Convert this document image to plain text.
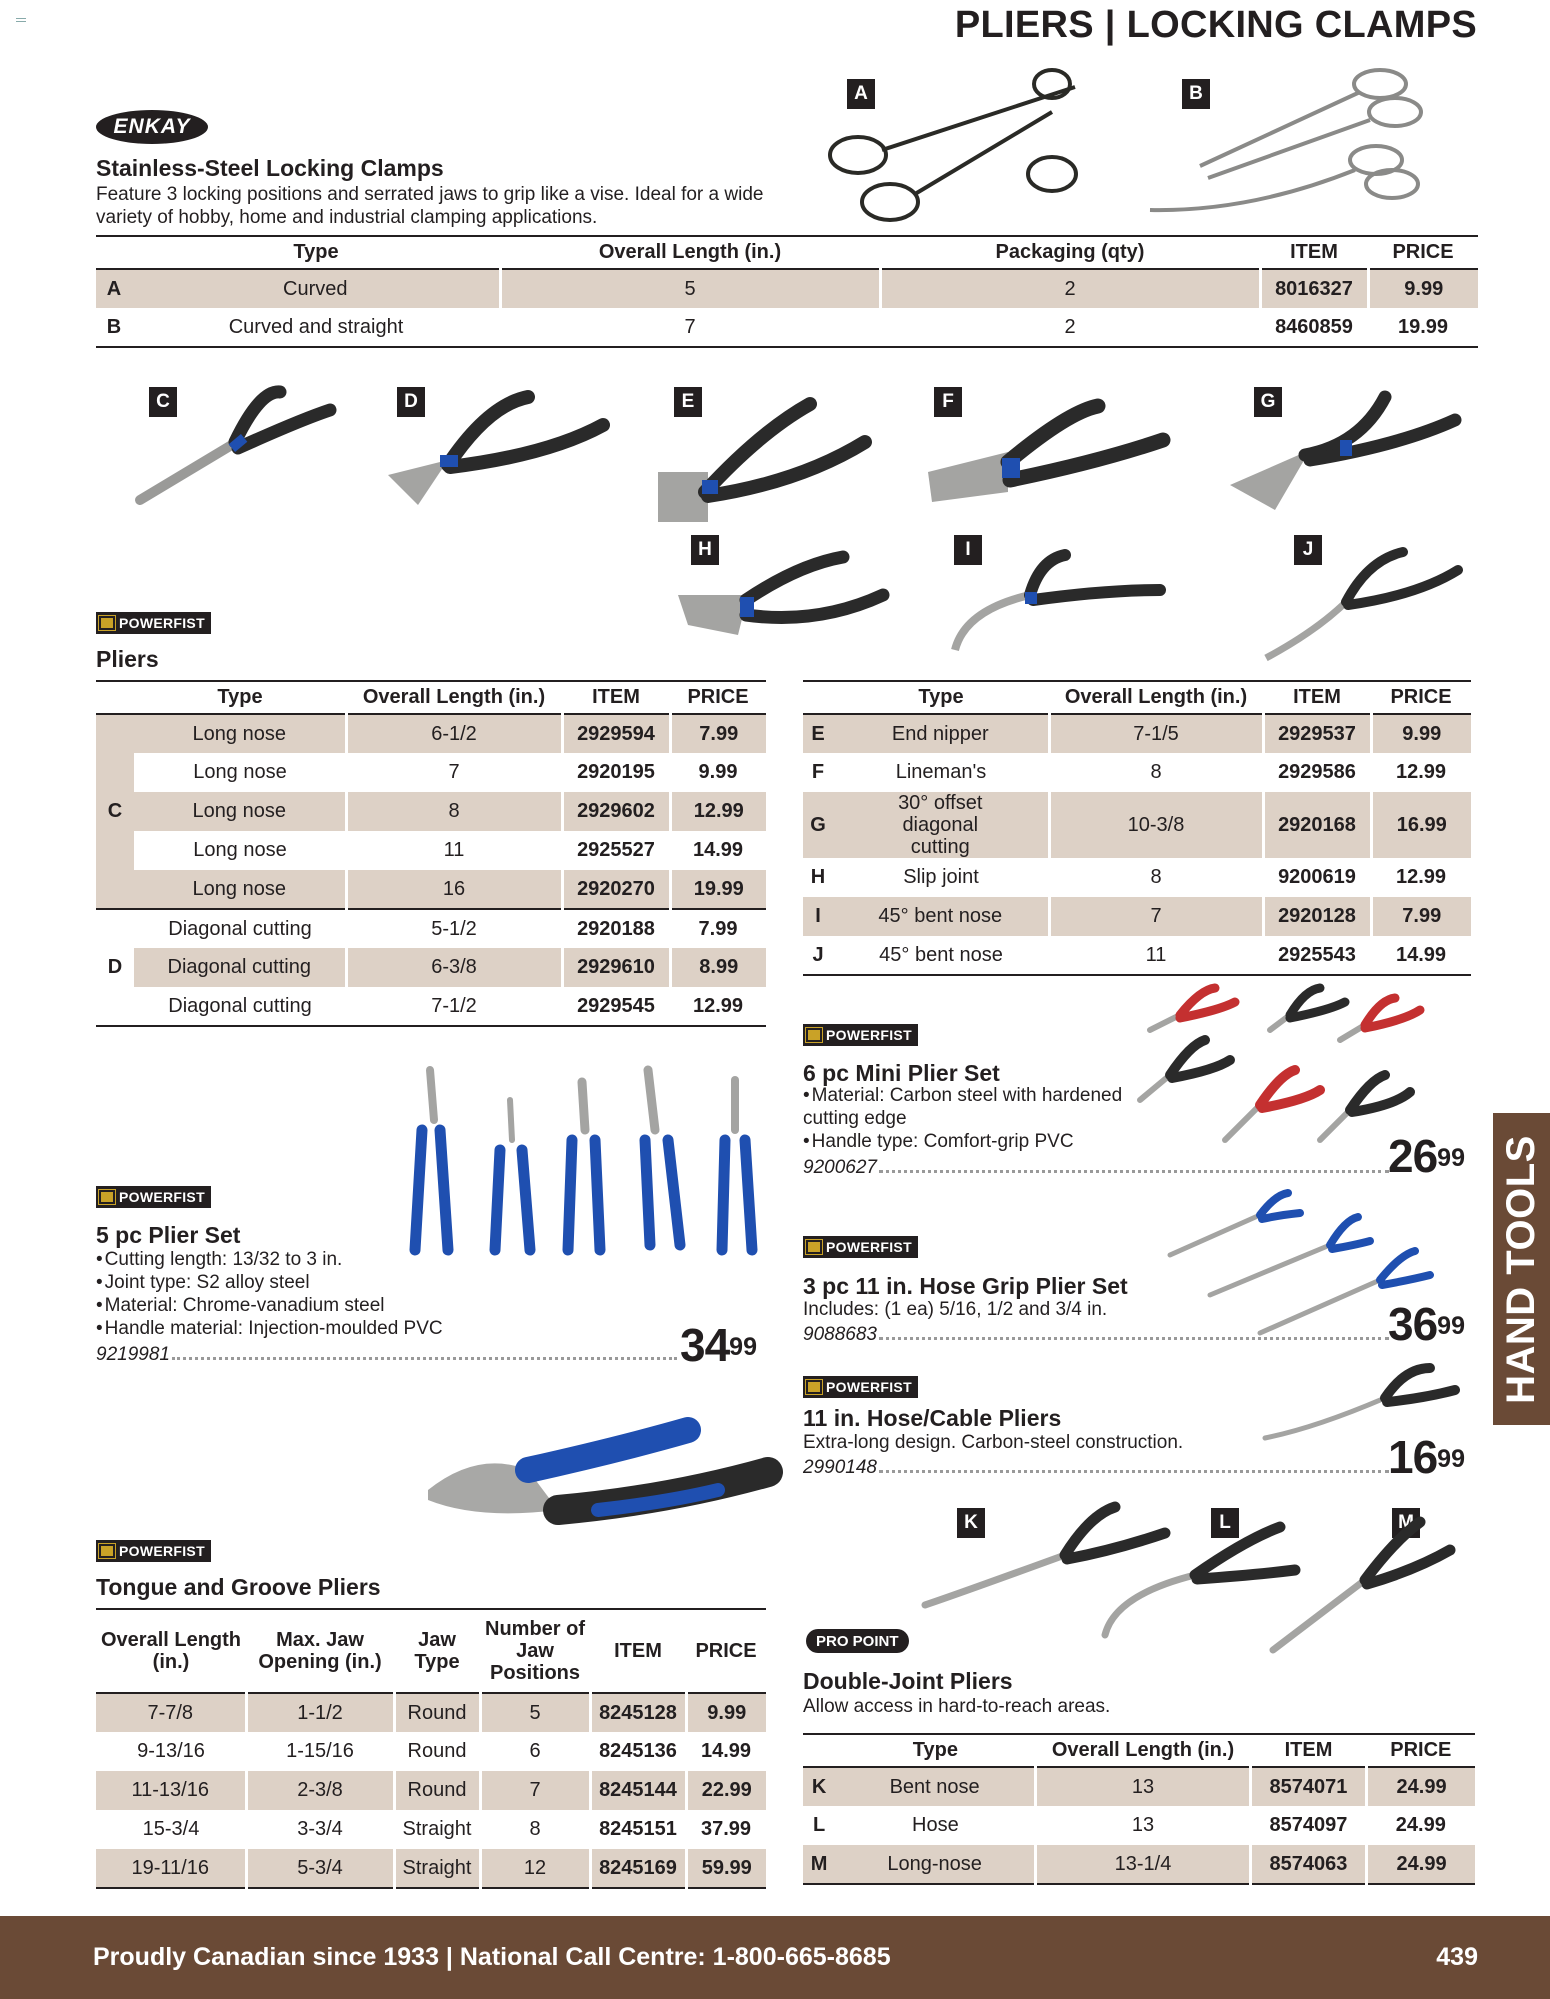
PLIERS | LOCKING CLAMPS
ENKAY
Stainless-Steel Locking Clamps
Feature 3 locking positions and serrated jaws to grip like a vise. Ideal for a wide variety of hobby, home and industrial clamping applications.
A	B
	Type	Overall Length (in.)	Packaging (qty)	ITEM	PRICE
A	Curved	5	2	8016327	9.99
B	Curved and straight	7	2	8460859	19.99
C	D	E	F	G
H	I	J
POWERFIST
Pliers
	Type	Overall Length (in.)	ITEM	PRICE
C	Long nose	6-1/2	2929594	7.99
	Long nose	7	2920195	9.99
	Long nose	8	2929602	12.99
	Long nose	11	2925527	14.99
	Long nose	16	2920270	19.99
D	Diagonal cutting	5-1/2	2920188	7.99
	Diagonal cutting	6-3/8	2929610	8.99
	Diagonal cutting	7-1/2	2929545	12.99
	Type	Overall Length (in.)	ITEM	PRICE
E	End nipper	7-1/5	2929537	9.99
F	Lineman's	8	2929586	12.99
G	30° offset diagonal cutting	10-3/8	2920168	16.99
H	Slip joint	8	9200619	12.99
I	45° bent nose	7	2920128	7.99
J	45° bent nose	11	2925543	14.99
POWERFIST
5 pc Plier Set
• Cutting length: 13/32 to 3 in.
• Joint type: S2 alloy steel
• Material: Chrome-vanadium steel
• Handle material: Injection-moulded PVC
9219981	$34^{99}$
POWERFIST
Tongue and Groove Pliers
Overall Length (in.)	Max. Jaw Opening (in.)	Jaw Type	Number of Jaw Positions	ITEM	PRICE
7-7/8	1-1/2	Round	5	8245128	9.99
9-13/16	1-15/16	Round	6	8245136	14.99
11-13/16	2-3/8	Round	7	8245144	22.99
15-3/4	3-3/4	Straight	8	8245151	37.99
19-11/16	5-3/4	Straight	12	8245169	59.99
POWERFIST
6 pc Mini Plier Set
• Material: Carbon steel with hardened cutting edge
• Handle type: Comfort-grip PVC
9200627	$26^{99}$
POWERFIST
3 pc 11 in. Hose Grip Plier Set
Includes: (1 ea) 5/16, 1/2 and 3/4 in.
9088683	$36^{99}$
POWERFIST
11 in. Hose/Cable Pliers
Extra-long design. Carbon-steel construction.
2990148	$16^{99}$
K	L	M
PRO POINT
Double-Joint Pliers
Allow access in hard-to-reach areas.
	Type	Overall Length (in.)	ITEM	PRICE
K	Bent nose	13	8574071	24.99
L	Hose	13	8574097	24.99
M	Long-nose	13-1/4	8574063	24.99
HAND TOOLS
Proudly Canadian since 1933 | National Call Centre: 1-800-665-8685	439
